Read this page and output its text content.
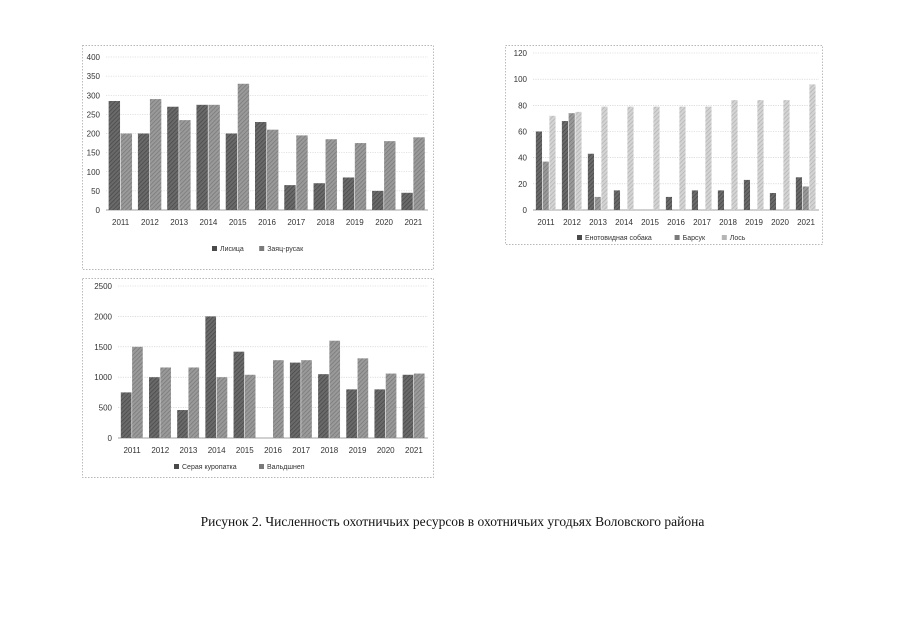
0
50
100
150
200
250
300
350
400
2011 2012 2013 2014 2015 2016 2017 2018 2019 2020 2021
Лисица	Заяц-русак
0
20
40
60
80
100
120
2011 2012 2013 2014 2015 2016 2017 2018 2019 2020 2021
Енотовидная собака	Барсук	Лось
0
500
1000
1500
2000
2500
2011 2012 2013 2014 2015 2016 2017 2018 2019 2020 2021
Серая куропатка	Вальдшнеп
Рисунок 2. Численность охотничьих ресурсов в охотничьих угодьях Воловского района
